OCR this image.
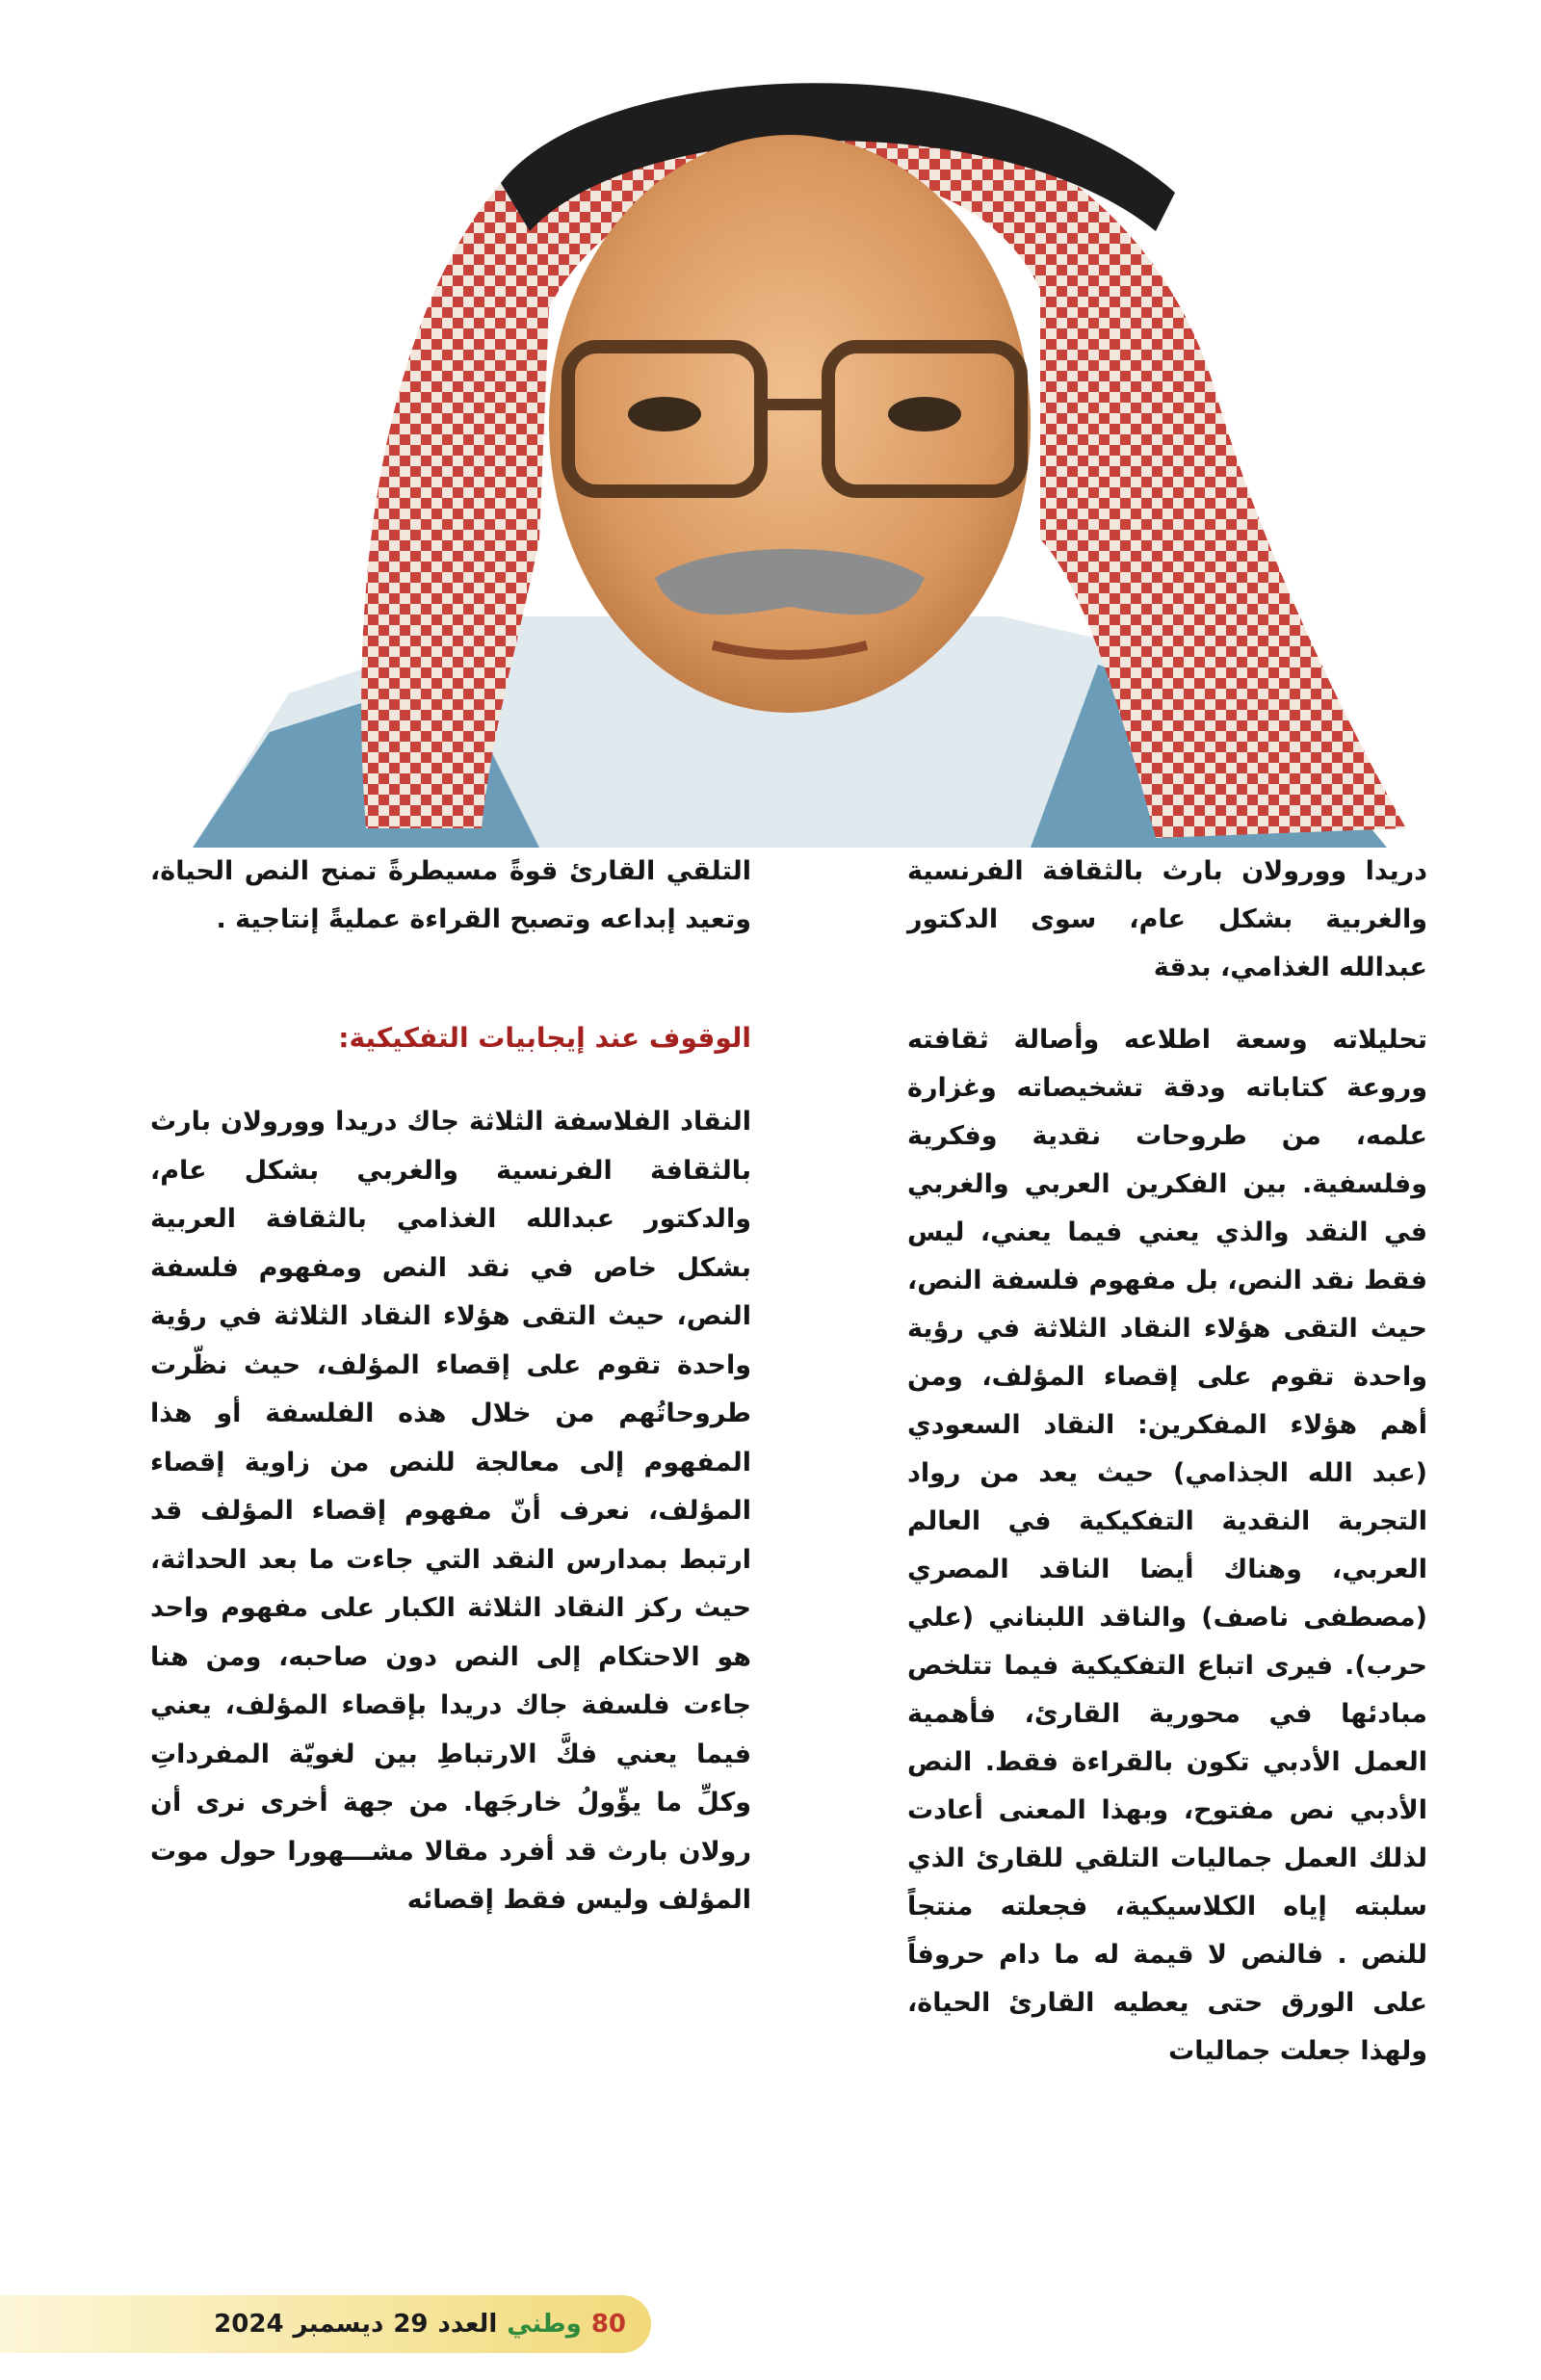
دريدا وورولان بارث بالثقافة الفرنسية والغربية بشكل عام، سوى الدكتور عبدالله الغذامي، بدقة

التلقي القارئ قوةً مسيطرةً تمنح النص الحياة، وتعيد إبداعه وتصبح القراءة عمليةً إنتاجية .

الوقوف عند إيجابيات التفكيكية:	تحليلاته وسعة اطلاعه وأصالة ثقافته وروعة كتاباته ودقة تشخيصاته وغزارة علمه، من طروحات نقدية وفكرية وفلسفية. بين الفكرين العربي والغربي في النقد والذي يعني فيما يعني، ليس فقط نقد النص، بل مفهوم فلسفة النص، حيث التقى هؤلاء النقاد الثلاثة في رؤية واحدة تقوم على إقصاء المؤلف، ومن أهم هؤلاء المفكرين: النقاد السعودي (عبد الله الجذامي) حيث يعد من رواد التجربة النقدية التفكيكية في العالم العربي، وهناك أيضا الناقد المصري (مصطفى ناصف) والناقد اللبناني (علي حرب). فيرى اتباع التفكيكية فيما تتلخص مبادئها في محورية القارئ، فأهمية العمل الأدبي تكون بالقراءة فقط. النص الأدبي نص مفتوح، وبهذا المعنى أعادت لذلك العمل جماليات التلقي للقارئ الذي سلبته إياه الكلاسيكية، فجعلته منتجاً للنص . فالنص لا قيمة له ما دام حروفاً على الورق حتى يعطيه القارئ الحياة، ولهذا جعلت جماليات

النقاد الفلاسفة الثلاثة جاك دريدا وورولان بارث بالثقافة الفرنسية والغربي بشكل عام، والدكتور عبدالله الغذامي بالثقافة العربية بشكل خاص في نقد النص ومفهوم فلسفة النص، حيث التقى هؤلاء النقاد الثلاثة في رؤية واحدة تقوم على إقصاء المؤلف، حيث نظّرت طروحاتُهم من خلال هذه الفلسفة أو هذا المفهوم إلى معالجة للنص من زاوية إقصاء المؤلف، نعرف أنّ مفهوم إقصاء المؤلف قد ارتبط بمدارس النقد التي جاءت ما بعد الحداثة، حيث ركز النقاد الثلاثة الكبار على مفهوم واحد هو الاحتكام إلى النص دون صاحبه، ومن هنا جاءت فلسفة جاك دريدا بإقصاء المؤلف، يعني فيما يعني فكَّ الارتباطِ بين لغويّة المفرداتِ وكلِّ ما يؤّولُ خارجَها. من جهة أخرى نرى أن رولان بارث قد أفرد مقالا مشـــهورا حول موت المؤلف وليس فقط إقصائه

80
وطني
العدد
29
ديسمبر
2024
